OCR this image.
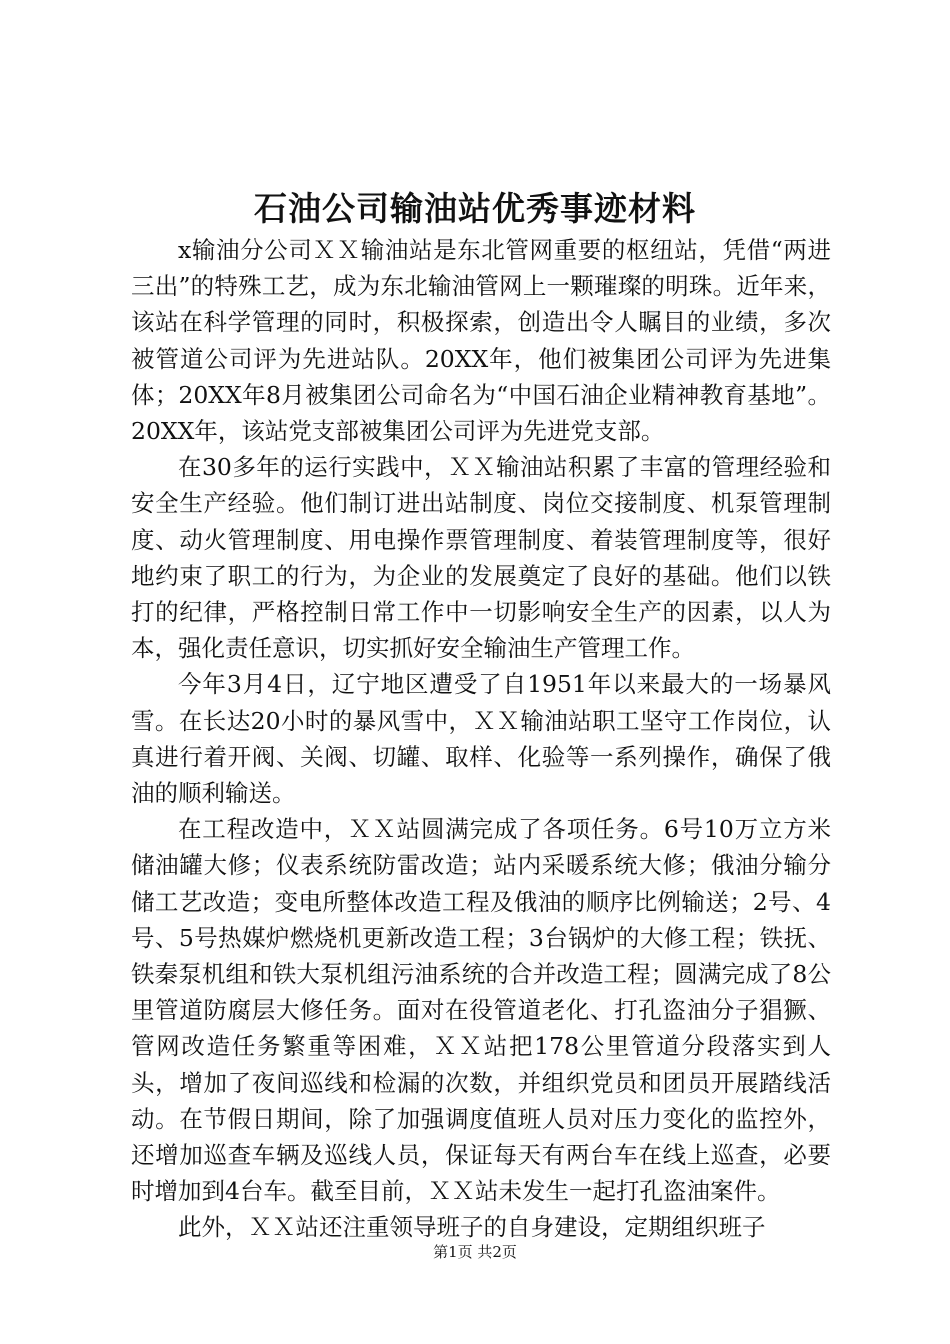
石油公司输油站优秀事迹材料

x输油分公司ＸＸ输油站是东北管网重要的枢纽站，凭借“两进三出”的特殊工艺，成为东北输油管网上一颗璀璨的明珠。近年来，该站在科学管理的同时，积极探索，创造出令人瞩目的业绩，多次被管道公司评为先进站队。20XX年，他们被集团公司评为先进集体；20XX年8月被集团公司命名为“中国石油企业精神教育基地”。20XX年，该站党支部被集团公司评为先进党支部。

在30多年的运行实践中，ＸＸ输油站积累了丰富的管理经验和安全生产经验。他们制订进出站制度、岗位交接制度、机泵管理制度、动火管理制度、用电操作票管理制度、着装管理制度等，很好地约束了职工的行为，为企业的发展奠定了良好的基础。他们以铁打的纪律，严格控制日常工作中一切影响安全生产的因素，以人为本，强化责任意识，切实抓好安全输油生产管理工作。

今年3月4日，辽宁地区遭受了自1951年以来最大的一场暴风雪。在长达20小时的暴风雪中，ＸＸ输油站职工坚守工作岗位，认真进行着开阀、关阀、切罐、取样、化验等一系列操作，确保了俄油的顺利输送。

在工程改造中，ＸＸ站圆满完成了各项任务。6号10万立方米储油罐大修；仪表系统防雷改造；站内采暖系统大修；俄油分输分储工艺改造；变电所整体改造工程及俄油的顺序比例输送；2号、4号、5号热媒炉燃烧机更新改造工程；3台锅炉的大修工程；铁抚、铁秦泵机组和铁大泵机组污油系统的合并改造工程；圆满完成了8公里管道防腐层大修任务。面对在役管道老化、打孔盗油分子猖獗、管网改造任务繁重等困难，ＸＸ站把178公里管道分段落实到人头，增加了夜间巡线和检漏的次数，并组织党员和团员开展踏线活动。在节假日期间，除了加强调度值班人员对压力变化的监控外，还增加巡查车辆及巡线人员，保证每天有两台车在线上巡查，必要时增加到4台车。截至目前，ＸＸ站未发生一起打孔盗油案件。

此外，ＸＸ站还注重领导班子的自身建设，定期组织班子

第1页 共2页
